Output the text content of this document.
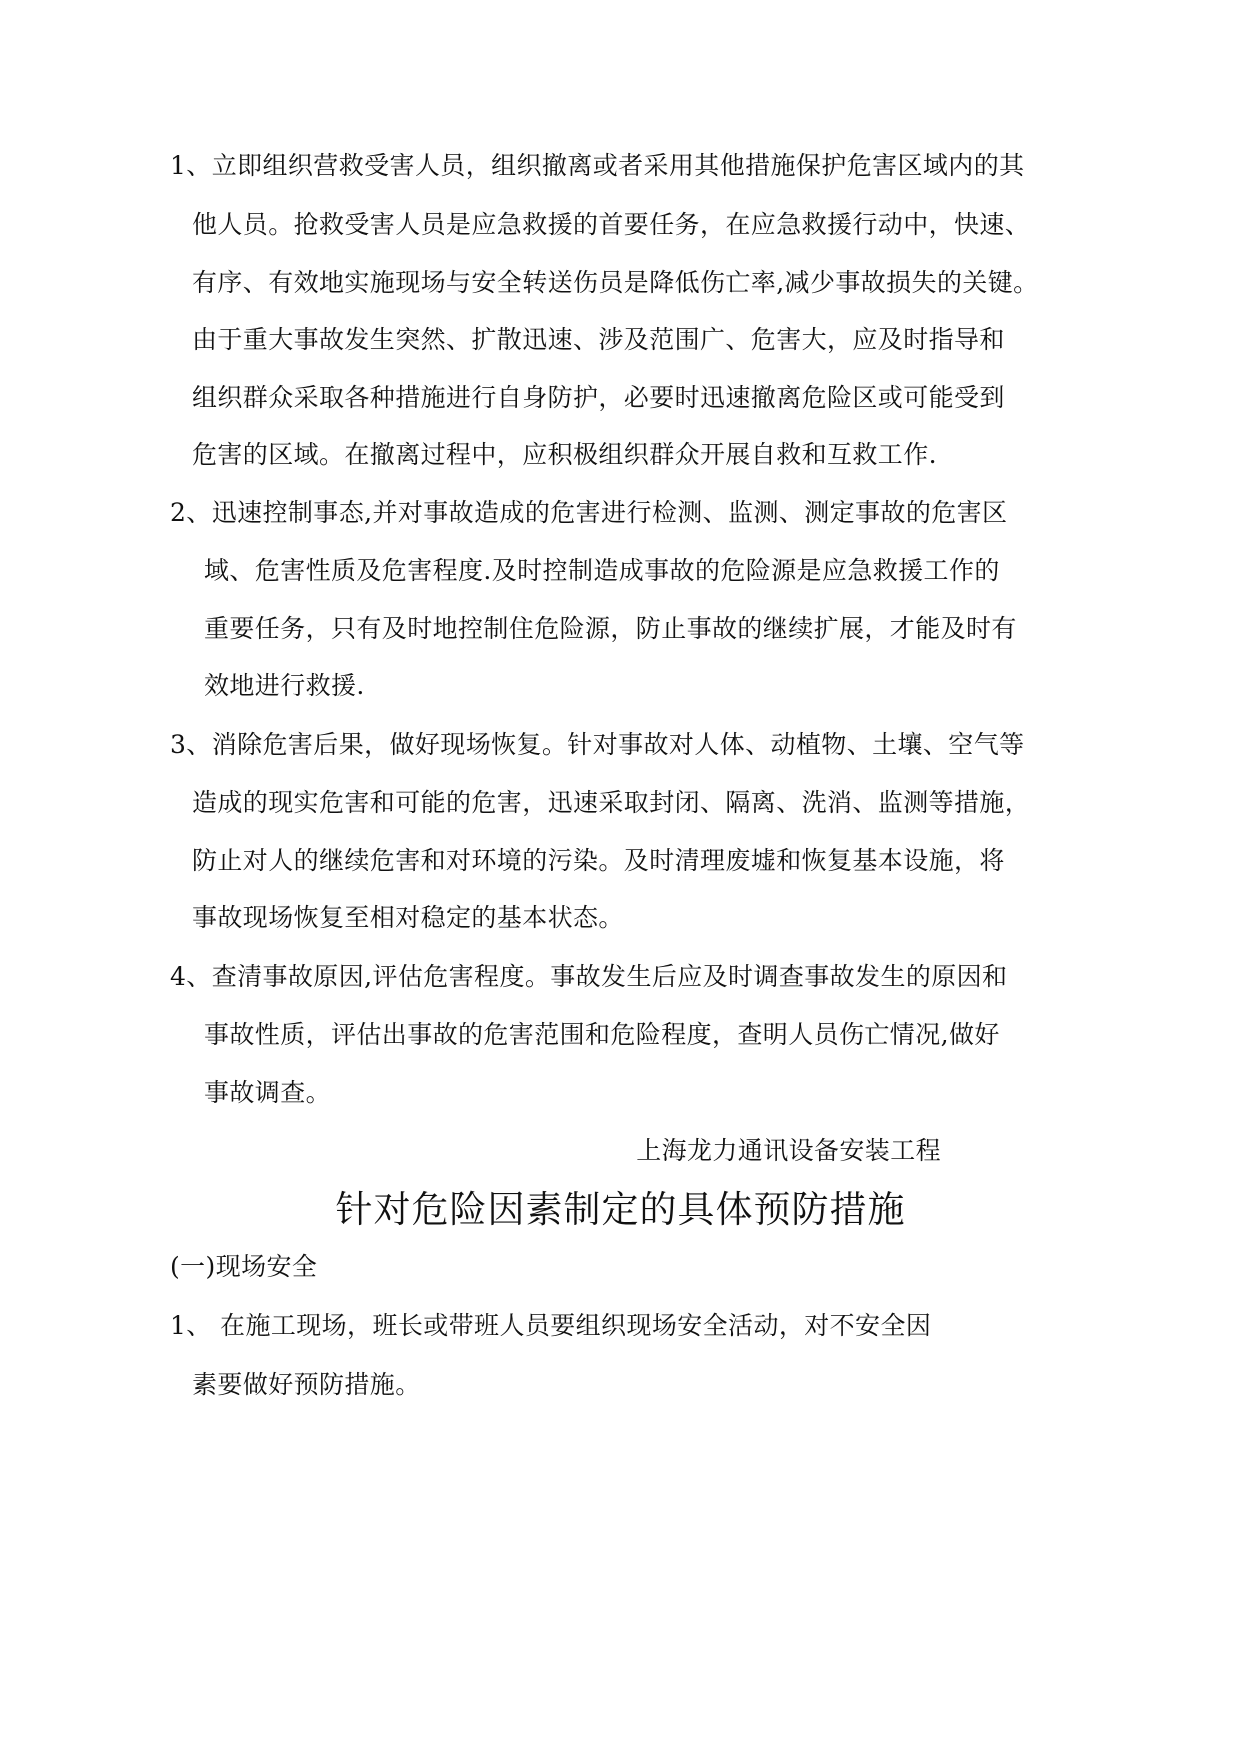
1、立即组织营救受害人员，组织撤离或者采用其他措施保护危害区域内的其
他人员。抢救受害人员是应急救援的首要任务，在应急救援行动中，快速、
有序、有效地实施现场与安全转送伤员是降低伤亡率,减少事故损失的关键。
由于重大事故发生突然、扩散迅速、涉及范围广、危害大，应及时指导和
组织群众采取各种措施进行自身防护，必要时迅速撤离危险区或可能受到
危害的区域。在撤离过程中，应积极组织群众开展自救和互救工作.
2、迅速控制事态,并对事故造成的危害进行检测、监测、测定事故的危害区
域、危害性质及危害程度.及时控制造成事故的危险源是应急救援工作的
重要任务，只有及时地控制住危险源，防止事故的继续扩展，才能及时有
效地进行救援.
3、消除危害后果，做好现场恢复。针对事故对人体、动植物、土壤、空气等
造成的现实危害和可能的危害，迅速采取封闭、隔离、洗消、监测等措施，
防止对人的继续危害和对环境的污染。及时清理废墟和恢复基本设施，将
事故现场恢复至相对稳定的基本状态。
4、查清事故原因,评估危害程度。事故发生后应及时调查事故发生的原因和
事故性质，评估出事故的危害范围和危险程度，查明人员伤亡情况,做好
事故调查。
上海龙力通讯设备安装工程
针对危险因素制定的具体预防措施
(一)现场安全
1、 在施工现场，班长或带班人员要组织现场安全活动，对不安全因
素要做好预防措施。
